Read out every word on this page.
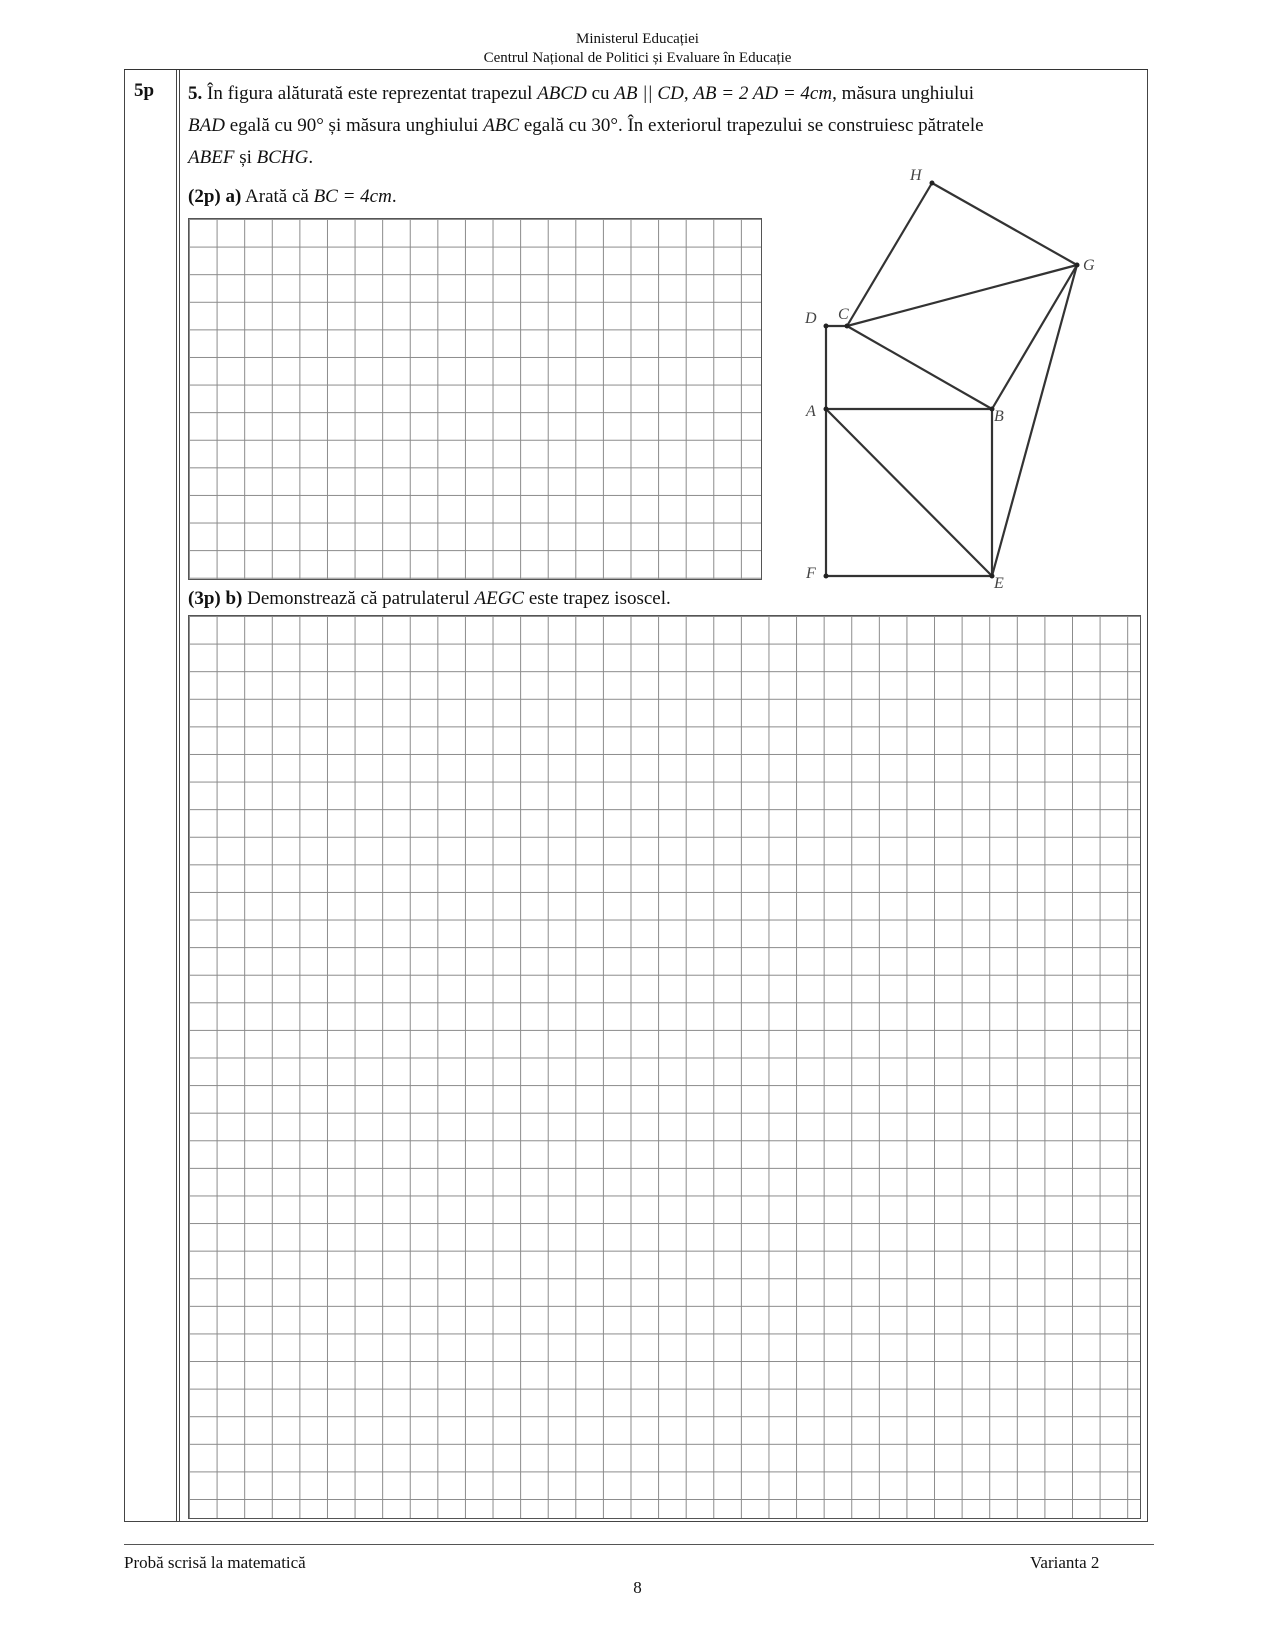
Ministerul Educației
Centrul Național de Politici și Evaluare în Educație
5p 5. În figura alăturată este reprezentat trapezul ABCD cu AB || CD, AB = 2 AD = 4cm, măsura unghiului
BAD egală cu 90° și măsura unghiului ABC egală cu 30°. În exteriorul trapezului se construiesc pătratele
ABEF și BCHG.
(2p) a) Arată că BC = 4cm.
D C
A	B
F
E
G
H
(3p) b) Demonstrează că patrulaterul AEGC este trapez isoscel.
Probă scrisă la matematică	Varianta 2
8
